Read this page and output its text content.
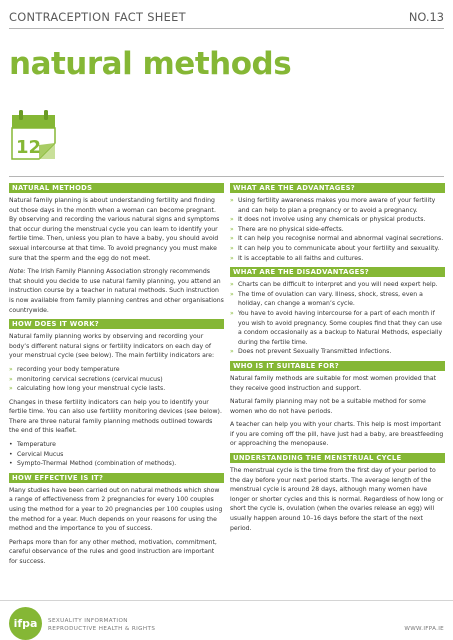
CONTRACEPTION FACT SHEET	NO.13
natural methods
12
NATURAL METHODS

Natural family planning is about understanding fertility and finding out those days in the month when a woman can become pregnant. By observing and recording the various natural signs and symptoms that occur during the menstrual cycle you can learn to identify your fertile time. Then, unless you plan to have a baby, you should avoid sexual intercourse at that time. To avoid pregnancy you must make sure that the sperm and the egg do not meet.

Note: The Irish Family Planning Association strongly recommends that should you decide to use natural family planning, you attend an instruction course by a teacher in natural methods. Such instruction is now available from family planning centres and other organisations countrywide.

HOW DOES IT WORK?

Natural family planning works by observing and recording your body’s different natural signs or fertility indicators on each day of your menstrual cycle (see below). The main fertility indicators are:

» recording your body temperature
» monitoring cervical secretions (cervical mucus)
» calculating how long your menstrual cycle lasts.

Changes in these fertility indicators can help you to identify your fertile time. You can also use fertility monitoring devices (see below). There are three natural family planning methods outlined towards the end of this leaflet.

• Temperature
• Cervical Mucus
• Sympto-Thermal Method (combination of methods).
HOW EFFECTIVE IS IT?

Many studies have been carried out on natural methods which show a range of effectiveness from 2 pregnancies for every 100 couples using the method for a year to 20 pregnancies per 100 couples using the method for a year. Much depends on your reasons for using the method and the importance to you of success.

Perhaps more than for any other method, motivation, commitment, careful observance of the rules and good instruction are important for success.

WHAT ARE THE ADVANTAGES?
» Using fertility awareness makes you more aware of your fertility and can help to plan a pregnancy or to avoid a pregnancy.
» It does not involve using any chemicals or physical products.
» There are no physical side-effects.
» It can help you recognise normal and abnormal vaginal secretions.
» It can help you to communicate about your fertility and sexuality.
» It is acceptable to all faiths and cultures.
WHAT ARE THE DISADVANTAGES?
» Charts can be difficult to interpret and you will need expert help.
» The time of ovulation can vary. Illness, shock, stress, even a holiday, can change a woman’s cycle.
» You have to avoid having intercourse for a part of each month if you wish to avoid pregnancy. Some couples find that they can use a condom occasionally as a backup to Natural Methods, especially during the fertile time.
» Does not prevent Sexually Transmitted Infections.
WHO IS IT SUITABLE FOR?

Natural family methods are suitable for most women provided that they receive good instruction and support.

Natural family planning may not be a suitable method for some women who do not have periods.

A teacher can help you with your charts. This help is most important if you are coming off the pill, have just had a baby, are breastfeeding or approaching the menopause.

UNDERSTANDING THE MENSTRUAL CYCLE

The menstrual cycle is the time from the first day of your period to the day before your next period starts. The average length of the menstrual cycle is around 28 days, although many women have longer or shorter cycles and this is normal. Regardless of how long or short the cycle is, ovulation (when the ovaries release an egg) will usually happen around 10–16 days before the start of the next period.

ifpa	SEXUALITY INFORMATION
REPRODUCTIVE HEALTH & RIGHTS	WWW.IFPA.IE
